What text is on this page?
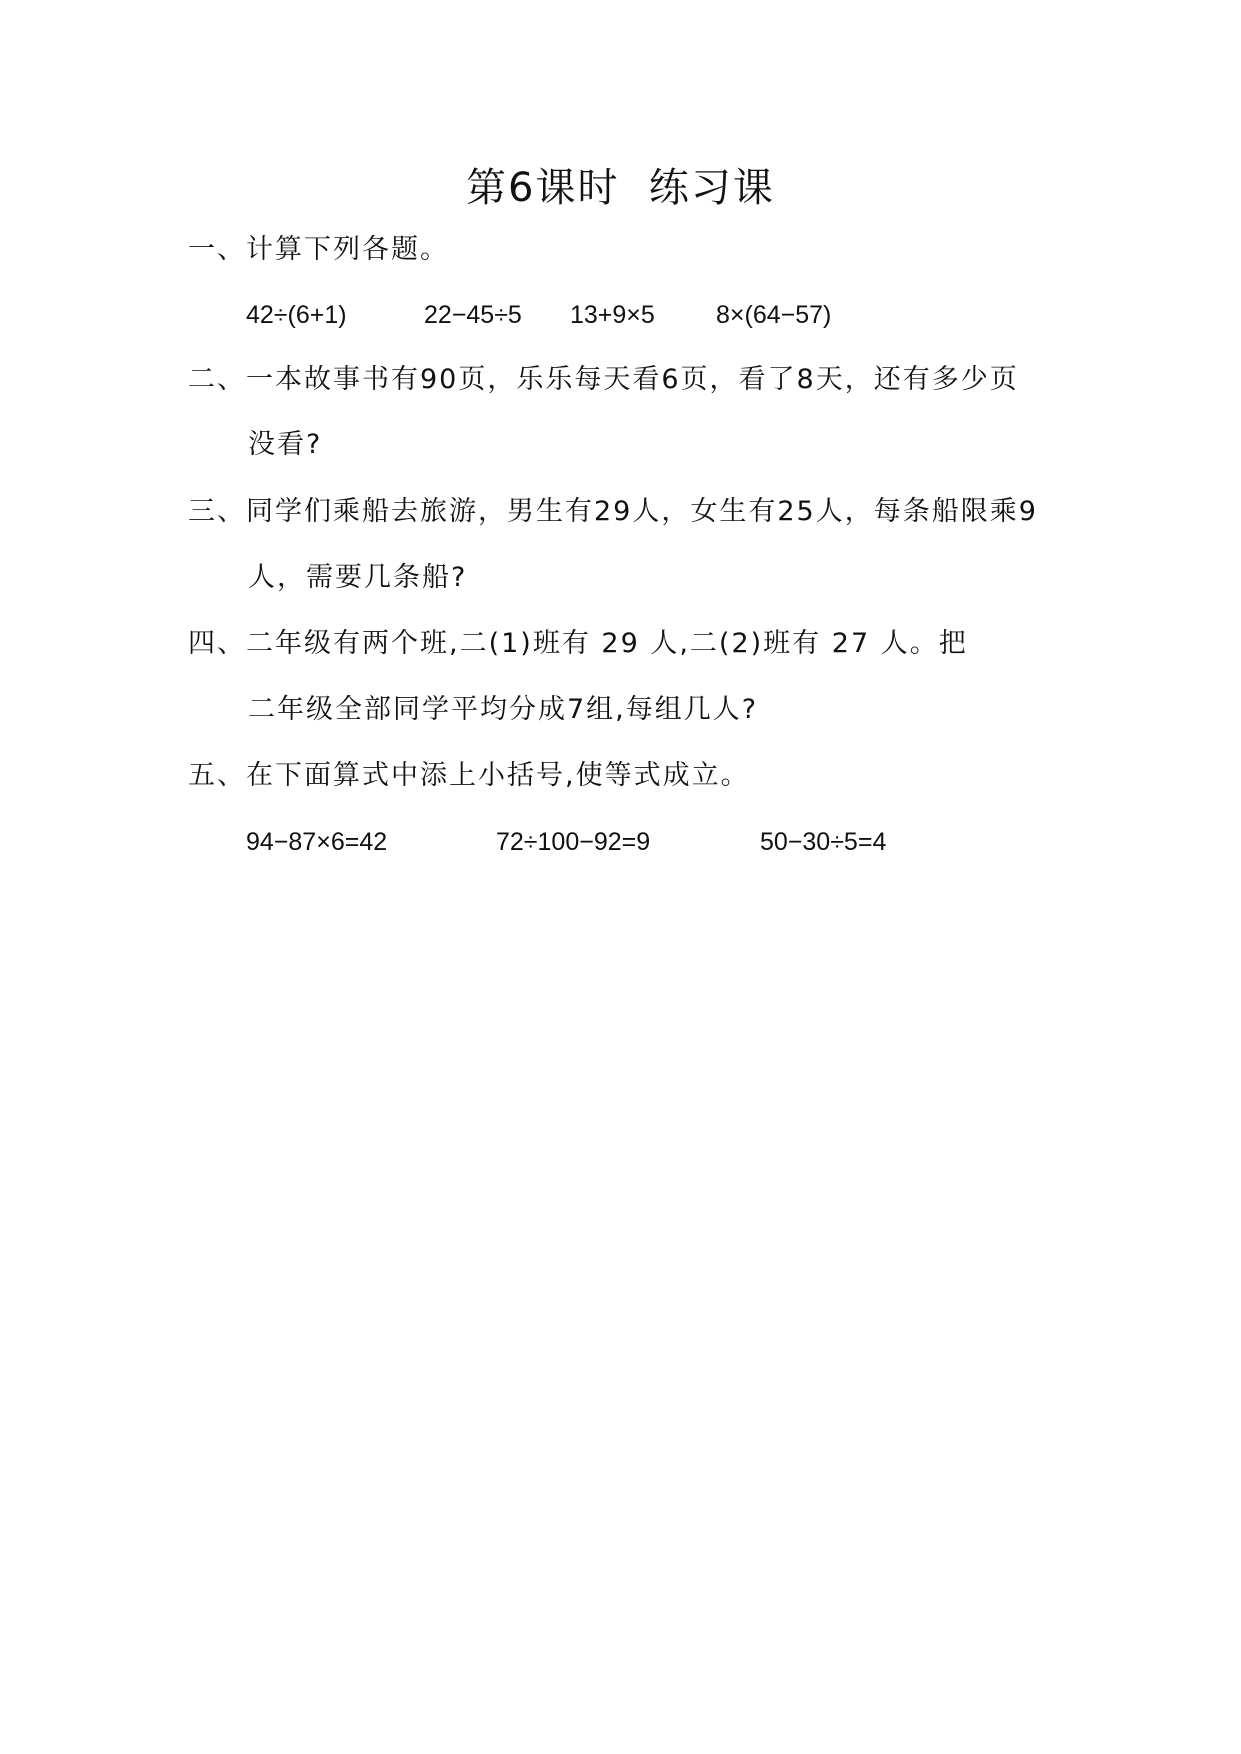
第6课时  练习课
一、计算下列各题。
42÷(6+1)	22−45÷5 13+9×5 8×(64−57)
二、一本故事书有90页，乐乐每天看6页，看了8天，还有多少页
没看?
三、同学们乘船去旅游，男生有29人，女生有25人，每条船限乘9
人，需要几条船?
四、二年级有两个班,二(1)班有 29 人,二(2)班有 27 人。把
二年级全部同学平均分成7组,每组几人?
五、在下面算式中添上小括号,使等式成立。
94−87×6=42	72÷100−92=9	50−30÷5=4
